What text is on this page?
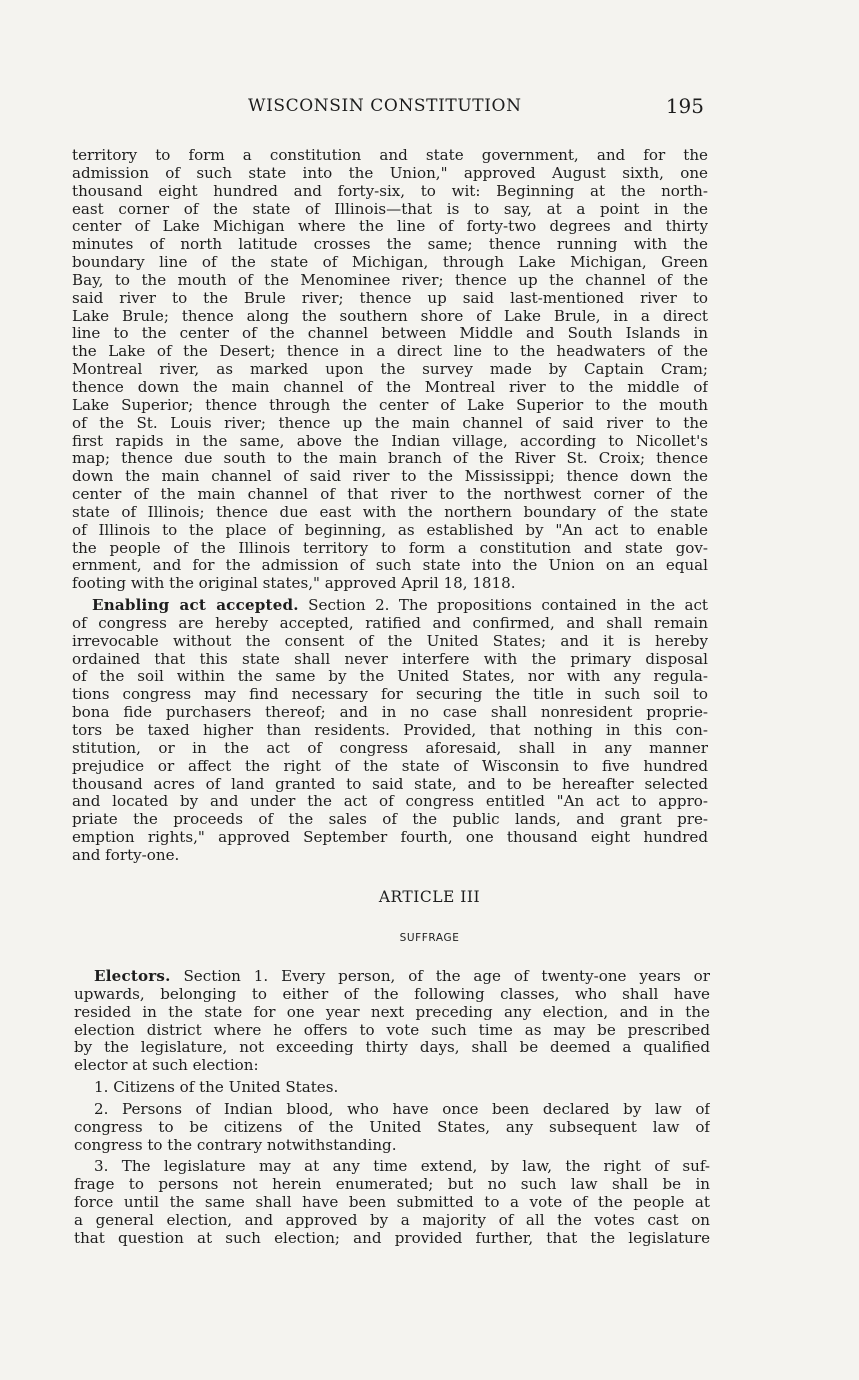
WISCONSIN CONSTITUTION	195
territory to form a constitution and state government, and for the
admission of such state into the Union," approved August sixth, one
thousand eight hundred and forty-six, to wit: Beginning at the north-
east corner of the state of Illinois—that is to say, at a point in the
center of Lake Michigan where the line of forty-two degrees and thirty
minutes of north latitude crosses the same; thence running with the
boundary line of the state of Michigan, through Lake Michigan, Green
Bay, to the mouth of the Menominee river; thence up the channel of the
said river to the Brule river; thence up said last-mentioned river to
Lake Brule; thence along the southern shore of Lake Brule, in a direct
line to the center of the channel between Middle and South Islands in
the Lake of the Desert; thence in a direct line to the headwaters of the
Montreal river, as marked upon the survey made by Captain Cram;
thence down the main channel of the Montreal river to the middle of
Lake Superior; thence through the center of Lake Superior to the mouth
of the St. Louis river; thence up the main channel of said river to the
first rapids in the same, above the Indian village, according to Nicollet's
map; thence due south to the main branch of the River St. Croix; thence
down the main channel of said river to the Mississippi; thence down the
center of the main channel of that river to the northwest corner of the
state of Illinois; thence due east with the northern boundary of the state
of Illinois to the place of beginning, as established by "An act to enable
the people of the Illinois territory to form a constitution and state gov-
ernment, and for the admission of such state into the Union on an equal
footing with the original states," approved April 18, 1818.
Enabling act accepted. Section 2. The propositions contained in the act
of congress are hereby accepted, ratified and confirmed, and shall remain
irrevocable without the consent of the United States; and it is hereby
ordained that this state shall never interfere with the primary disposal
of the soil within the same by the United States, nor with any regula-
tions congress may find necessary for securing the title in such soil to
bona fide purchasers thereof; and in no case shall nonresident proprie-
tors be taxed higher than residents. Provided, that nothing in this con-
stitution, or in the act of congress aforesaid, shall in any manner
prejudice or affect the right of the state of Wisconsin to five hundred
thousand acres of land granted to said state, and to be hereafter selected
and located by and under the act of congress entitled "An act to appro-
priate the proceeds of the sales of the public lands, and grant pre-
emption rights," approved September fourth, one thousand eight hundred
and forty-one.
ARTICLE III
SUFFRAGE
Electors. Section 1. Every person, of the age of twenty-one years or
upwards, belonging to either of the following classes, who shall have
resided in the state for one year next preceding any election, and in the
election district where he offers to vote such time as may be prescribed
by the legislature, not exceeding thirty days, shall be deemed a qualified
elector at such election:
1. Citizens of the United States.
2. Persons of Indian blood, who have once been declared by law of
congress to be citizens of the United States, any subsequent law of
congress to the contrary notwithstanding.
3. The legislature may at any time extend, by law, the right of suf-
frage to persons not herein enumerated; but no such law shall be in
force until the same shall have been submitted to a vote of the people at
a general election, and approved by a majority of all the votes cast on
that question at such election; and provided further, that the legislature
